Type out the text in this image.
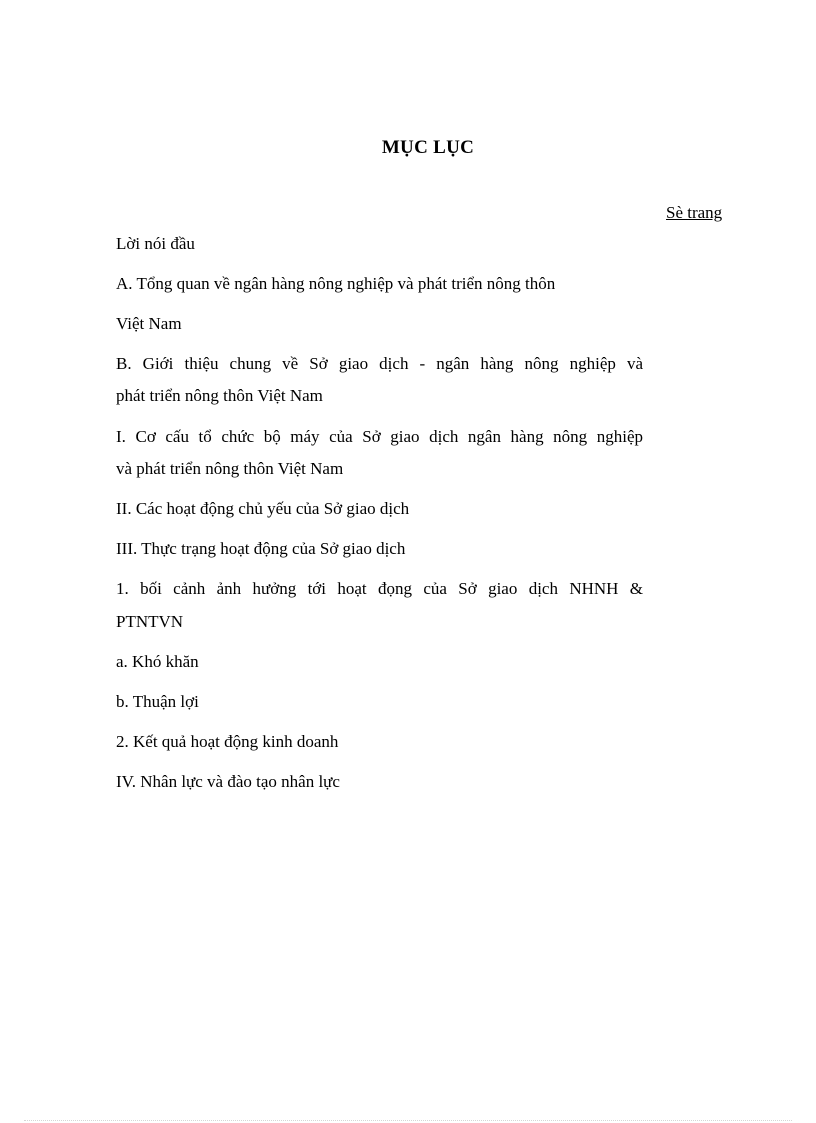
MỤC LỤC
Sè trang
Lời nói đầu
A. Tổng quan về ngân hàng nông nghiệp và phát triển nông thôn
Việt Nam
B. Giới thiệu chung về Sở giao dịch - ngân hàng nông nghiệp và
phát triển nông thôn Việt Nam
I. Cơ cấu tổ chức bộ máy của Sở giao dịch ngân hàng nông nghiệp
và phát triển nông thôn Việt Nam
II. Các hoạt động chủ yếu của Sở giao dịch
III. Thực trạng hoạt động của Sở giao dịch
1. bối cảnh ảnh hưởng tới hoạt đọng của Sở giao dịch NHNH &
PTNTVN
a. Khó khăn
b. Thuận lợi
2. Kết quả hoạt động kinh doanh
IV. Nhân lực và đào tạo nhân lực
